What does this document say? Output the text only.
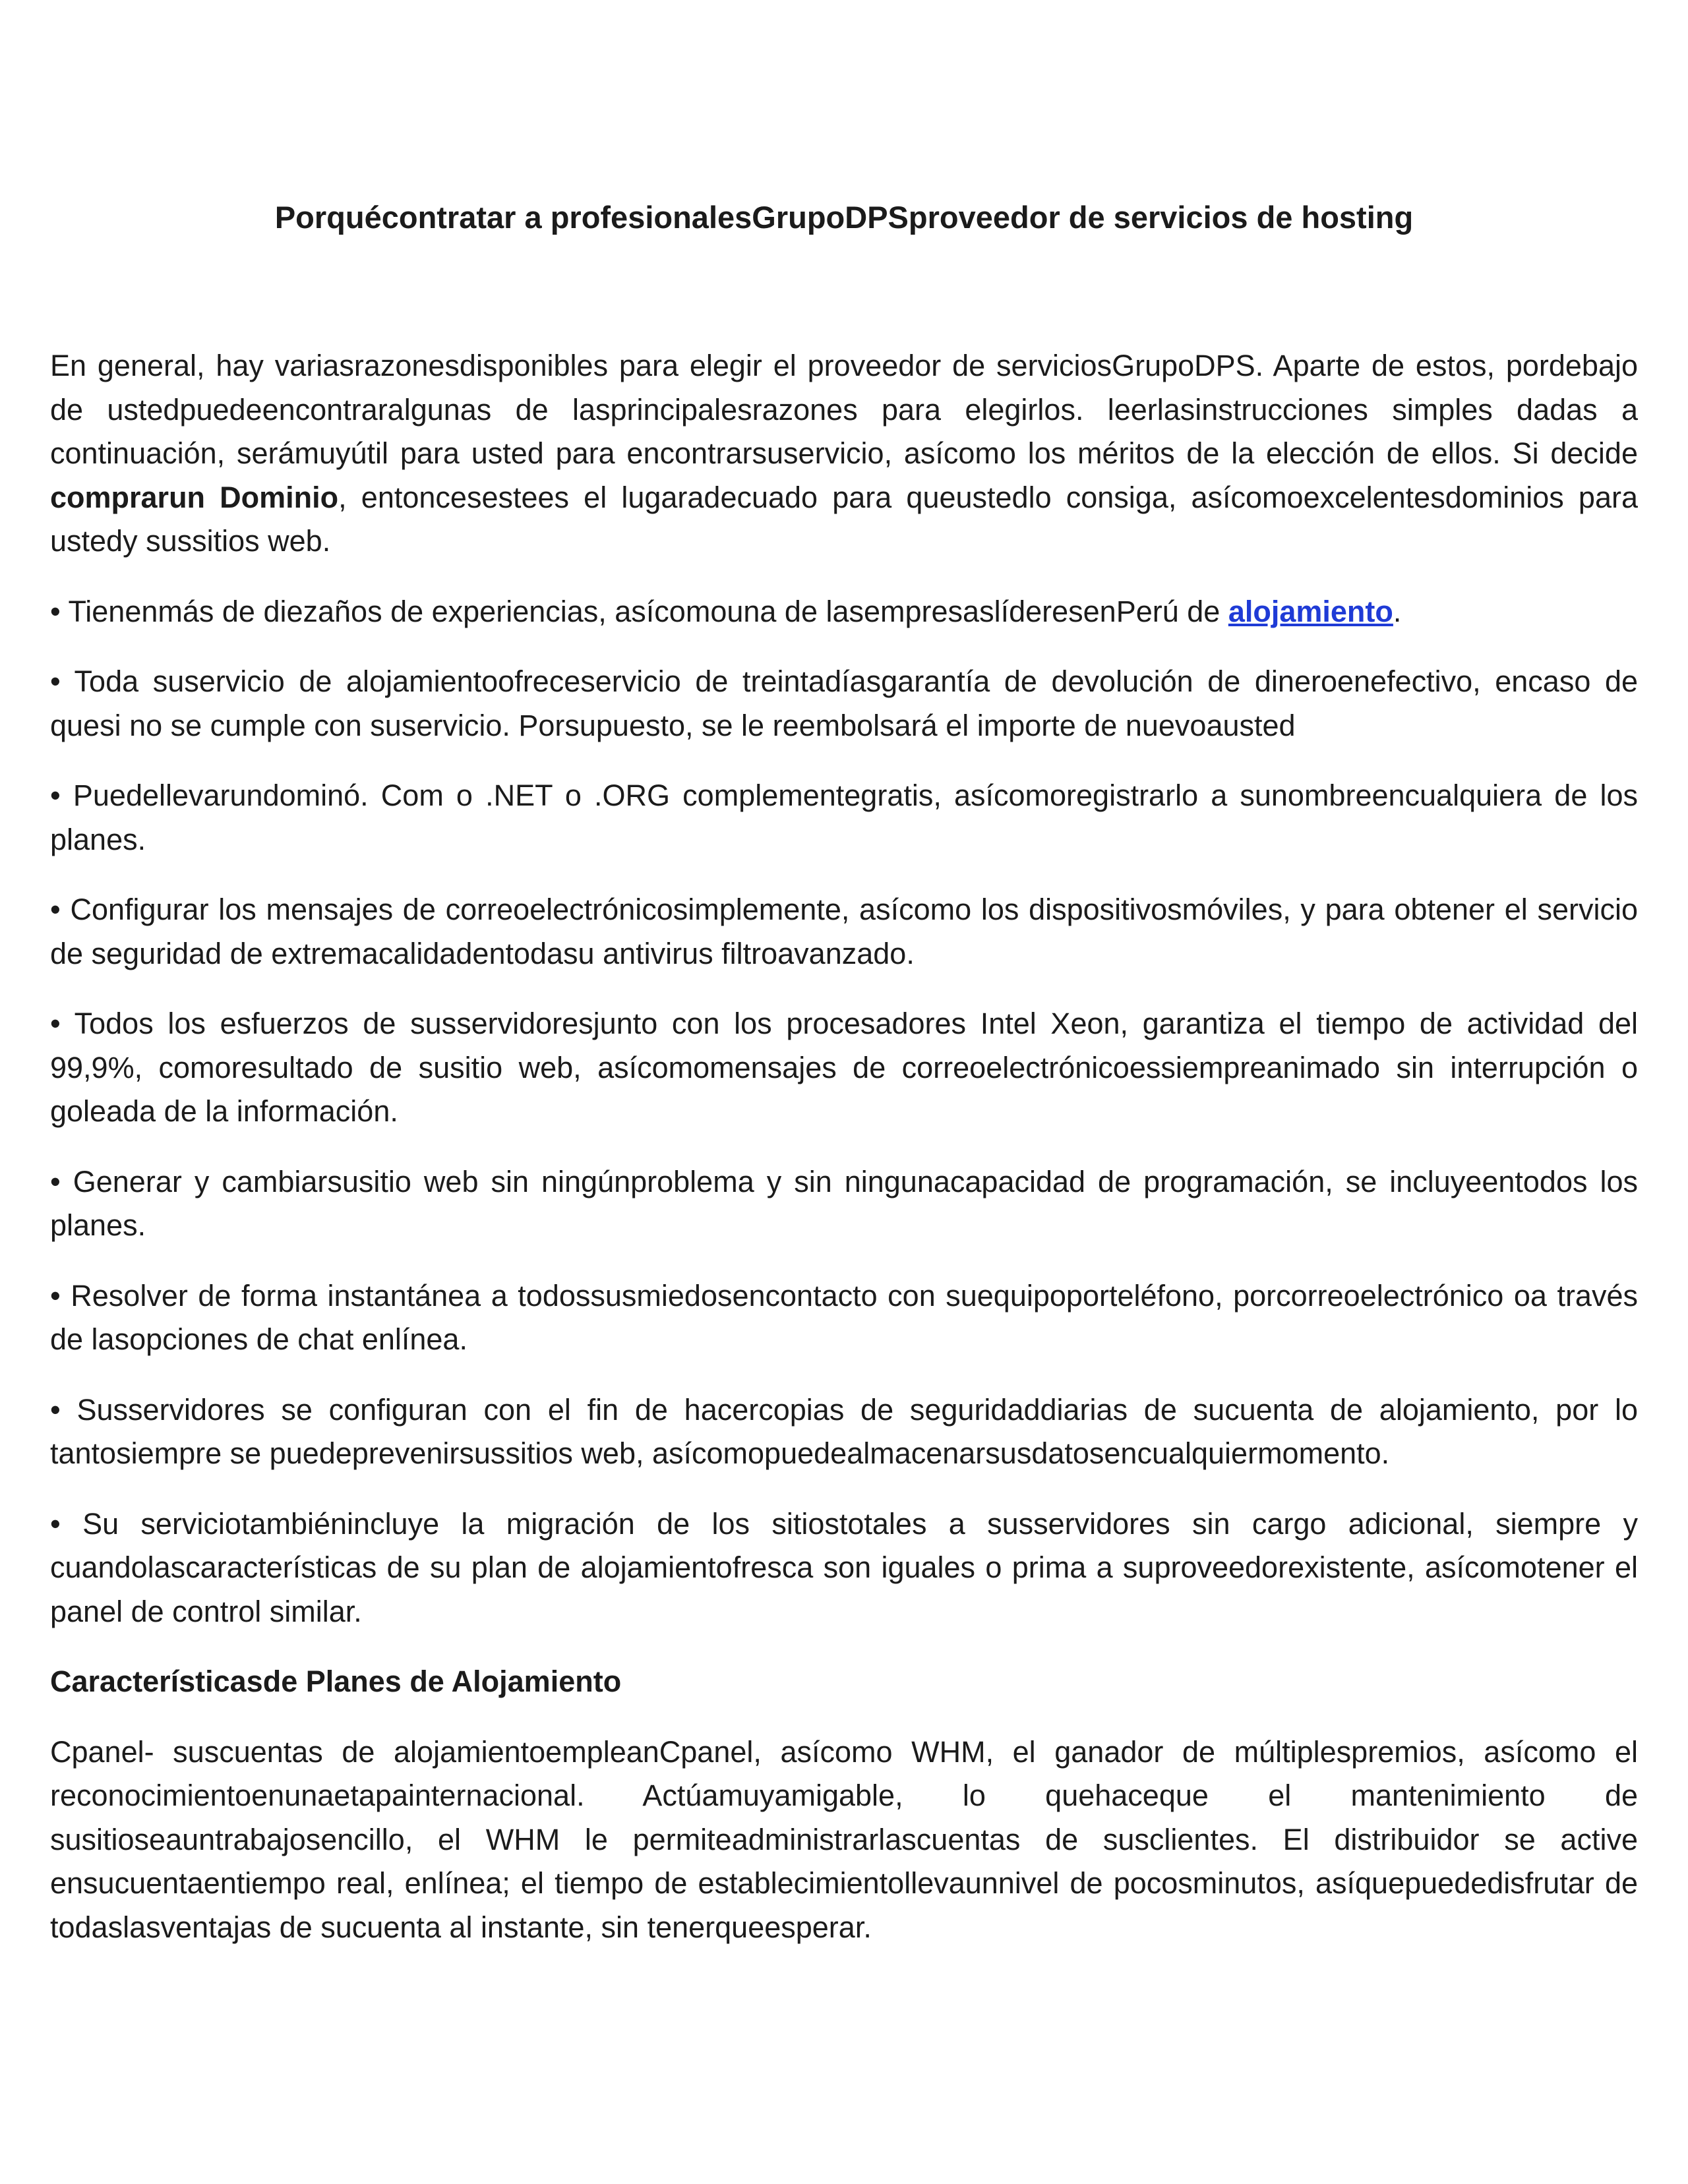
Porquécontratar a profesionalesGrupoDPSproveedor de servicios de hosting

En general, hay variasrazonesdisponibles para elegir el proveedor de serviciosGrupoDPS. Aparte de estos, pordebajo de ustedpuedeencontraralgunas de lasprincipalesrazones para elegirlos. leerlasinstrucciones simples dadas a continuación, serámuyútil para usted para encontrarsuservicio, asícomo los méritos de la elección de ellos. Si decide comprarun Dominio, entoncesestees el lugaradecuado para queustedlo consiga, asícomoexcelentesdominios para ustedy sussitios web.

• Tienenmás de diezaños de experiencias, asícomouna de lasempresaslíderesenPerú de alojamiento.

• Toda suservicio de alojamientoofreceservicio de treintadíasgarantía de devolución de dineroenefectivo, encaso de quesi no se cumple con suservicio. Porsupuesto, se le reembolsará el importe de nuevoausted

• Puedellevarundominó. Com o .NET o .ORG complementegratis, asícomoregistrarlo a sunombreencualquiera de los planes.

• Configurar los mensajes de correoelectrónicosimplemente, asícomo los dispositivosmóviles, y para obtener el servicio de seguridad de extremacalidadentodasu antivirus filtroavanzado.

• Todos los esfuerzos de susservidoresjunto con los procesadores Intel Xeon, garantiza el tiempo de actividad del 99,9%, comoresultado de susitio web, asícomomensajes de correoelectrónicoessiempreanimado sin interrupción o goleada de la información.

• Generar y cambiarsusitio web sin ningúnproblema y sin ningunacapacidad de programación, se incluyeentodos los planes.

• Resolver de forma instantánea a todossusmiedosencontacto con suequipoporteléfono, porcorreoelectrónico oa través de lasopciones de chat enlínea.

• Susservidores se configuran con el fin de hacercopias de seguridaddiarias de sucuenta de alojamiento, por lo tantosiempre se puedeprevenirsussitios web, asícomopuedealmacenarsusdatosencualquiermomento.

• Su serviciotambiénincluye la migración de los sitiostotales a susservidores sin cargo adicional, siempre y cuandolascaracterísticas de su plan de alojamientofresca son iguales o prima a suproveedorexistente, asícomotener el panel de control similar.

Característicasde Planes de Alojamiento

Cpanel- suscuentas de alojamientoempleanCpanel, asícomo WHM, el ganador de múltiplespremios, asícomo el reconocimientoenunaetapainternacional. Actúamuyamigable, lo quehaceque el mantenimiento de susitioseauntrabajosencillo, el WHM le permiteadministrarlascuentas de susclientes. El distribuidor se active ensucuentaentiempo real, enlínea; el tiempo de establecimientollevaunnivel de pocosminutos, asíquepuededisfrutar de todaslasventajas de sucuenta al instante, sin tenerqueesperar.
